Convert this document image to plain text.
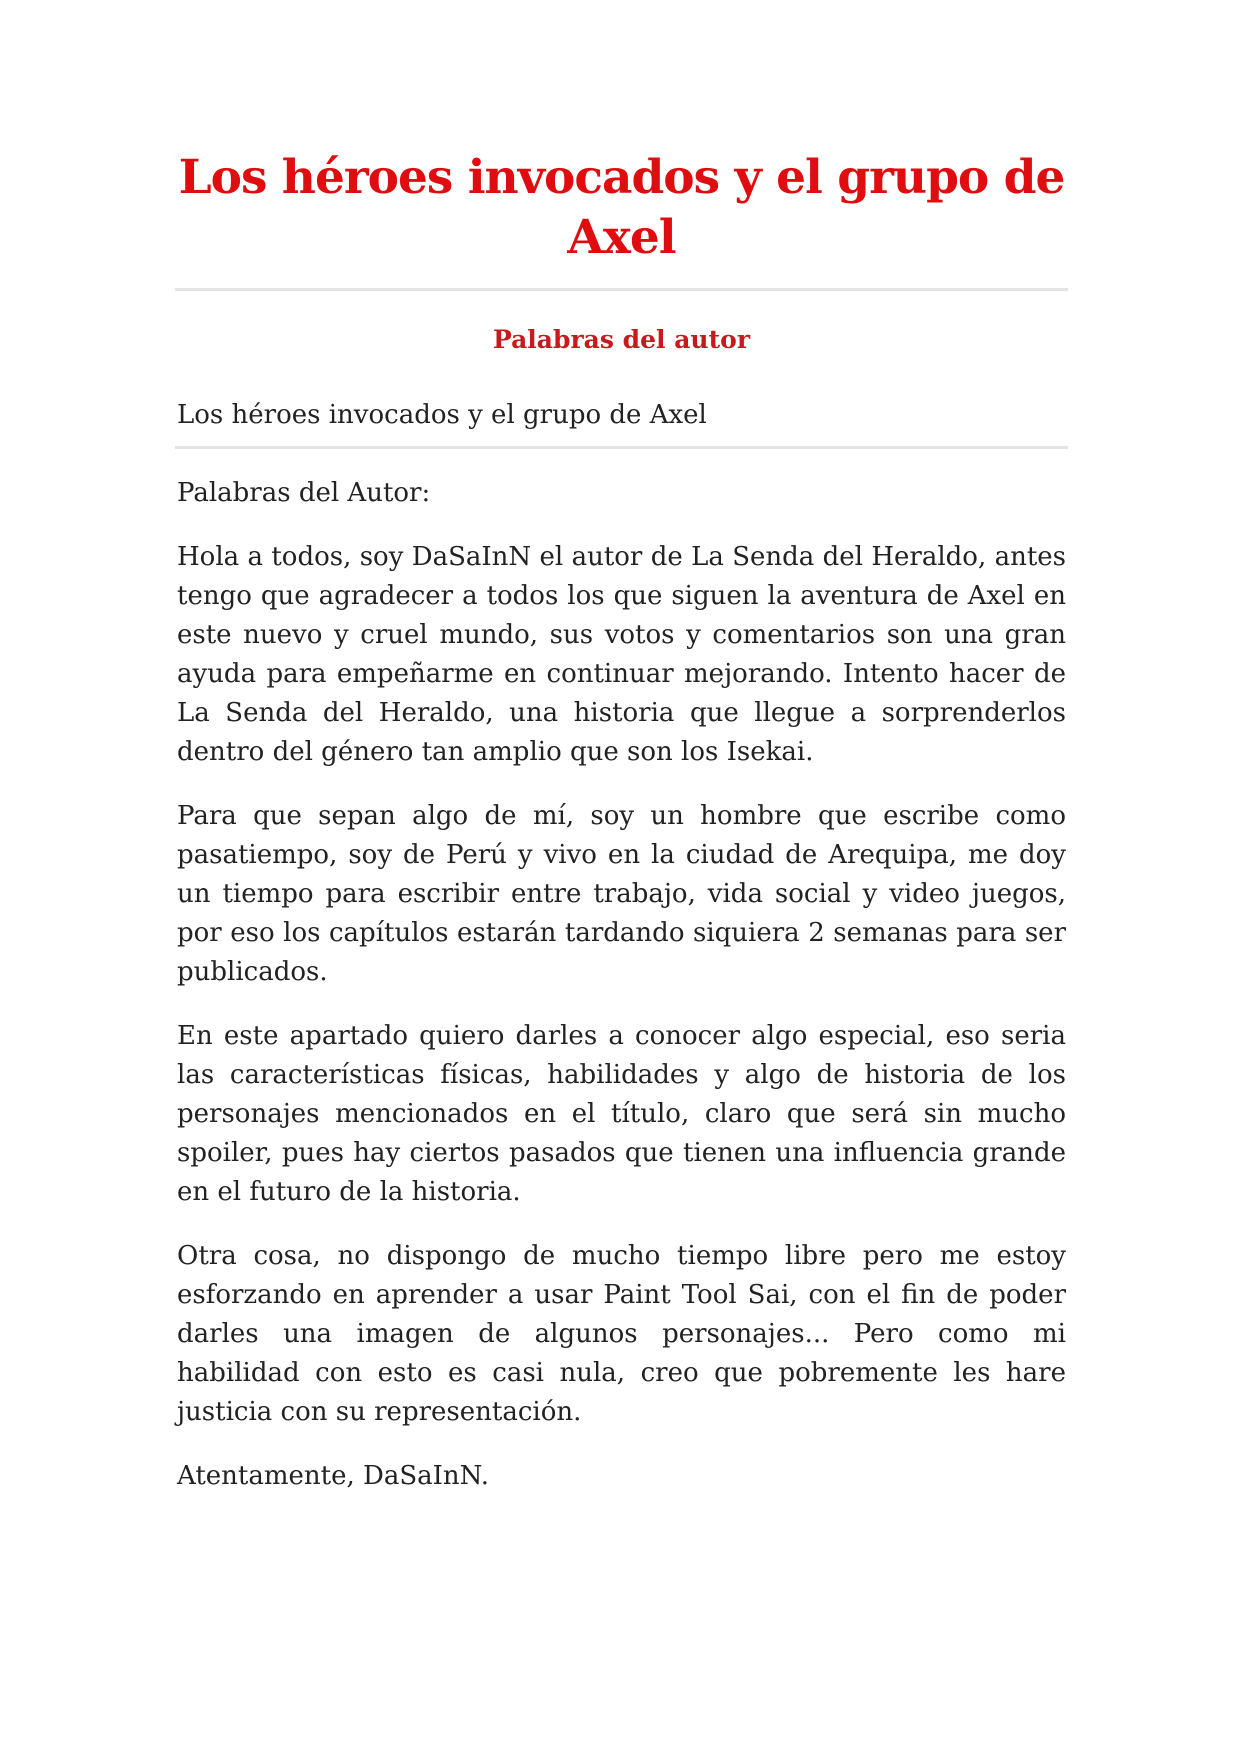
Los héroes invocados y el grupo de Axel
Palabras del autor
Los héroes invocados y el grupo de Axel

Palabras del Autor:

Hola a todos, soy DaSaInN el autor de La Senda del Heraldo, antes tengo que agradecer a todos los que siguen la aventura de Axel en este nuevo y cruel mundo, sus votos y comentarios son una gran ayuda para empeñarme en continuar mejorando. Intento hacer de La Senda del Heraldo, una historia que llegue a sorprenderlos dentro del género tan amplio que son los Isekai.

Para que sepan algo de mí, soy un hombre que escribe como pasatiempo, soy de Perú y vivo en la ciudad de Arequipa, me doy un tiempo para escribir entre trabajo, vida social y video juegos, por eso los capítulos estarán tardando siquiera 2 semanas para ser publicados.

En este apartado quiero darles a conocer algo especial, eso seria las características físicas, habilidades y algo de historia de los personajes mencionados en el título, claro que será sin mucho spoiler, pues hay ciertos pasados que tienen una influencia grande en el futuro de la historia.

Otra cosa, no dispongo de mucho tiempo libre pero me estoy esforzando en aprender a usar Paint Tool Sai, con el fin de poder darles una imagen de algunos personajes... Pero como mi habilidad con esto es casi nula, creo que pobremente les hare justicia con su representación.

Atentamente, DaSaInN.
